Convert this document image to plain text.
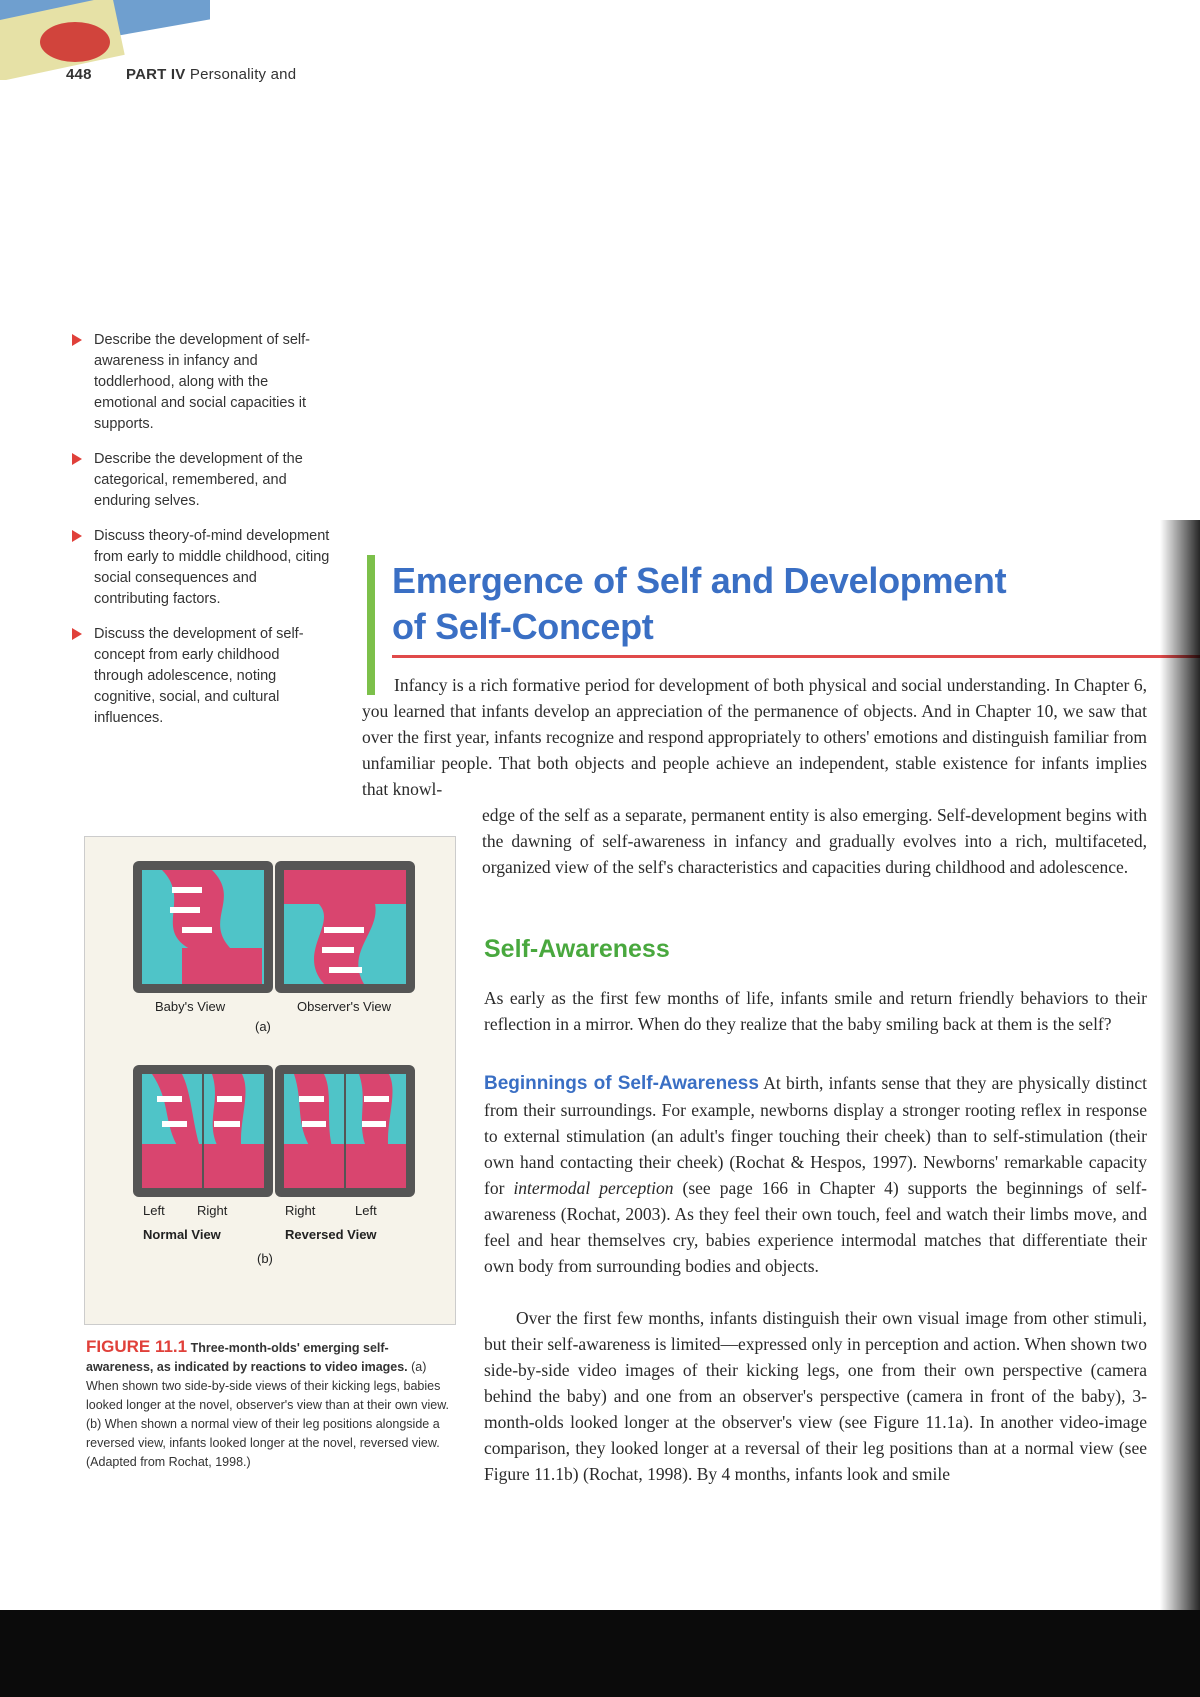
448 PART IV Personality and
Describe the development of self-awareness in infancy and toddlerhood, along with the emotional and social capacities it supports.
Describe the development of the categorical, remembered, and enduring selves.
Discuss theory-of-mind development from early to middle childhood, citing social consequences and contributing factors.
Discuss the development of self-concept from early childhood through adolescence, noting cognitive, social, and cultural influences.
Emergence of Self and Development
of Self-Concept

Infancy is a rich formative period for development of both physical and social understanding. In Chapter 6, you learned that infants develop an appreciation of the permanence of objects. And in Chapter 10, we saw that over the first year, infants recognize and respond appropriately to others' emotions and distinguish familiar from unfamiliar people. That both objects and people achieve an independent, stable existence for infants implies that knowl-

edge of the self as a separate, permanent entity is also emerging. Self-development begins with the dawning of self-awareness in infancy and gradually evolves into a rich, multifaceted, organized view of the self's characteristics and capacities during childhood and adolescence.

Self-Awareness

As early as the first few months of life, infants smile and return friendly behaviors to their reflection in a mirror. When do they realize that the baby smiling back at them is the self?

Beginnings of Self-Awareness At birth, infants sense that they are physically distinct from their surroundings. For example, newborns display a stronger rooting reflex in response to external stimulation (an adult's finger touching their cheek) than to self-stimulation (their own hand contacting their cheek) (Rochat & Hespos, 1997). Newborns' remarkable capacity for intermodal perception (see page 166 in Chapter 4) supports the beginnings of self-awareness (Rochat, 2003). As they feel their own touch, feel and watch their limbs move, and feel and hear themselves cry, babies experience intermodal matches that differentiate their own body from surrounding bodies and objects.

Over the first few months, infants distinguish their own visual image from other stimuli, but their self-awareness is limited—expressed only in perception and action. When shown two side-by-side video images of their kicking legs, one from their own perspective (camera behind the baby) and one from an observer's perspective (camera in front of the baby), 3-month-olds looked longer at the observer's view (see Figure 11.1a). In another video-image comparison, they looked longer at a reversal of their leg positions than at a normal view (see Figure 11.1b) (Rochat, 1998). By 4 months, infants look and smile

Baby's View	Observer's View
(a)
Left Right	Right	Left
Normal View	Reversed View
(b)
FIGURE 11.1 Three-month-olds' emerging self-awareness, as indicated by reactions to video images. (a) When shown two side-by-side views of their kicking legs, babies looked longer at the novel, observer's view than at their own view. (b) When shown a normal view of their leg positions alongside a reversed view, infants looked longer at the novel, reversed view. (Adapted from Rochat, 1998.)
